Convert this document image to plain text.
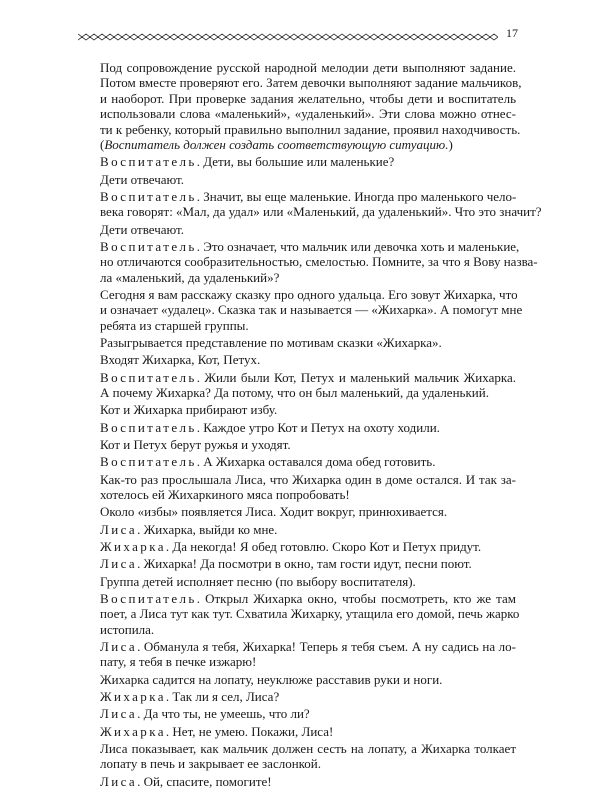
17
Под сопровождение русской народной мелодии дети выполняют задание.
Потом вместе проверяют его. Затем девочки выполняют задание мальчиков,
и наоборот. При проверке задания желательно, чтобы дети и воспитатель
использовали слова «маленький», «удаленький». Эти слова можно отнес-
ти к ребенку, который правильно выполнил задание, проявил находчивость.
(Воспитатель должен создать соответствующую ситуацию.)
Воспитатель. Дети, вы большие или маленькие?
Дети отвечают.
Воспитатель. Значит, вы еще маленькие. Иногда про маленького чело-
века говорят: «Мал, да удал» или «Маленький, да удаленький». Что это значит?
Дети отвечают.
Воспитатель. Это означает, что мальчик или девочка хоть и маленькие,
но отличаются сообразительностью, смелостью. Помните, за что я Вову назва-
ла «маленький, да удаленький»?
Сегодня я вам расскажу сказку про одного удальца. Его зовут Жихарка, что
и означает «удалец». Сказка так и называется — «Жихарка». А помогут мне
ребята из старшей группы.
Разыгрывается представление по мотивам сказки «Жихарка».
Входят Жихарка, Кот, Петух.
Воспитатель. Жили были Кот, Петух и маленький мальчик Жихарка.
А почему Жихарка? Да потому, что он был маленький, да удаленький.
Кот и Жихарка прибирают избу.
Воспитатель. Каждое утро Кот и Петух на охоту ходили.
Кот и Петух берут ружья и уходят.
Воспитатель. А Жихарка оставался дома обед готовить.
Как-то раз прослышала Лиса, что Жихарка один в доме остался. И так за-
хотелось ей Жихаркиного мяса попробовать!
Около «избы» появляется Лиса. Ходит вокруг, принюхивается.
Лиса. Жихарка, выйди ко мне.
Жихарка. Да некогда! Я обед готовлю. Скоро Кот и Петух придут.
Лиса. Жихарка! Да посмотри в окно, там гости идут, песни поют.
Группа детей исполняет песню (по выбору воспитателя).
Воспитатель. Открыл Жихарка окно, чтобы посмотреть, кто же там
поет, а Лиса тут как тут. Схватила Жихарку, утащила его домой, печь жарко
истопила.
Лиса. Обманула я тебя, Жихарка! Теперь я тебя съем. А ну садись на ло-
пату, я тебя в печке изжарю!
Жихарка садится на лопату, неуклюже расставив руки и ноги.
Жихарка. Так ли я сел, Лиса?
Лиса. Да что ты, не умеешь, что ли?
Жихарка. Нет, не умею. Покажи, Лиса!
Лиса показывает, как мальчик должен сесть на лопату, а Жихарка толкает
лопату в печь и закрывает ее заслонкой.
Лиса. Ой, спасите, помогите!
